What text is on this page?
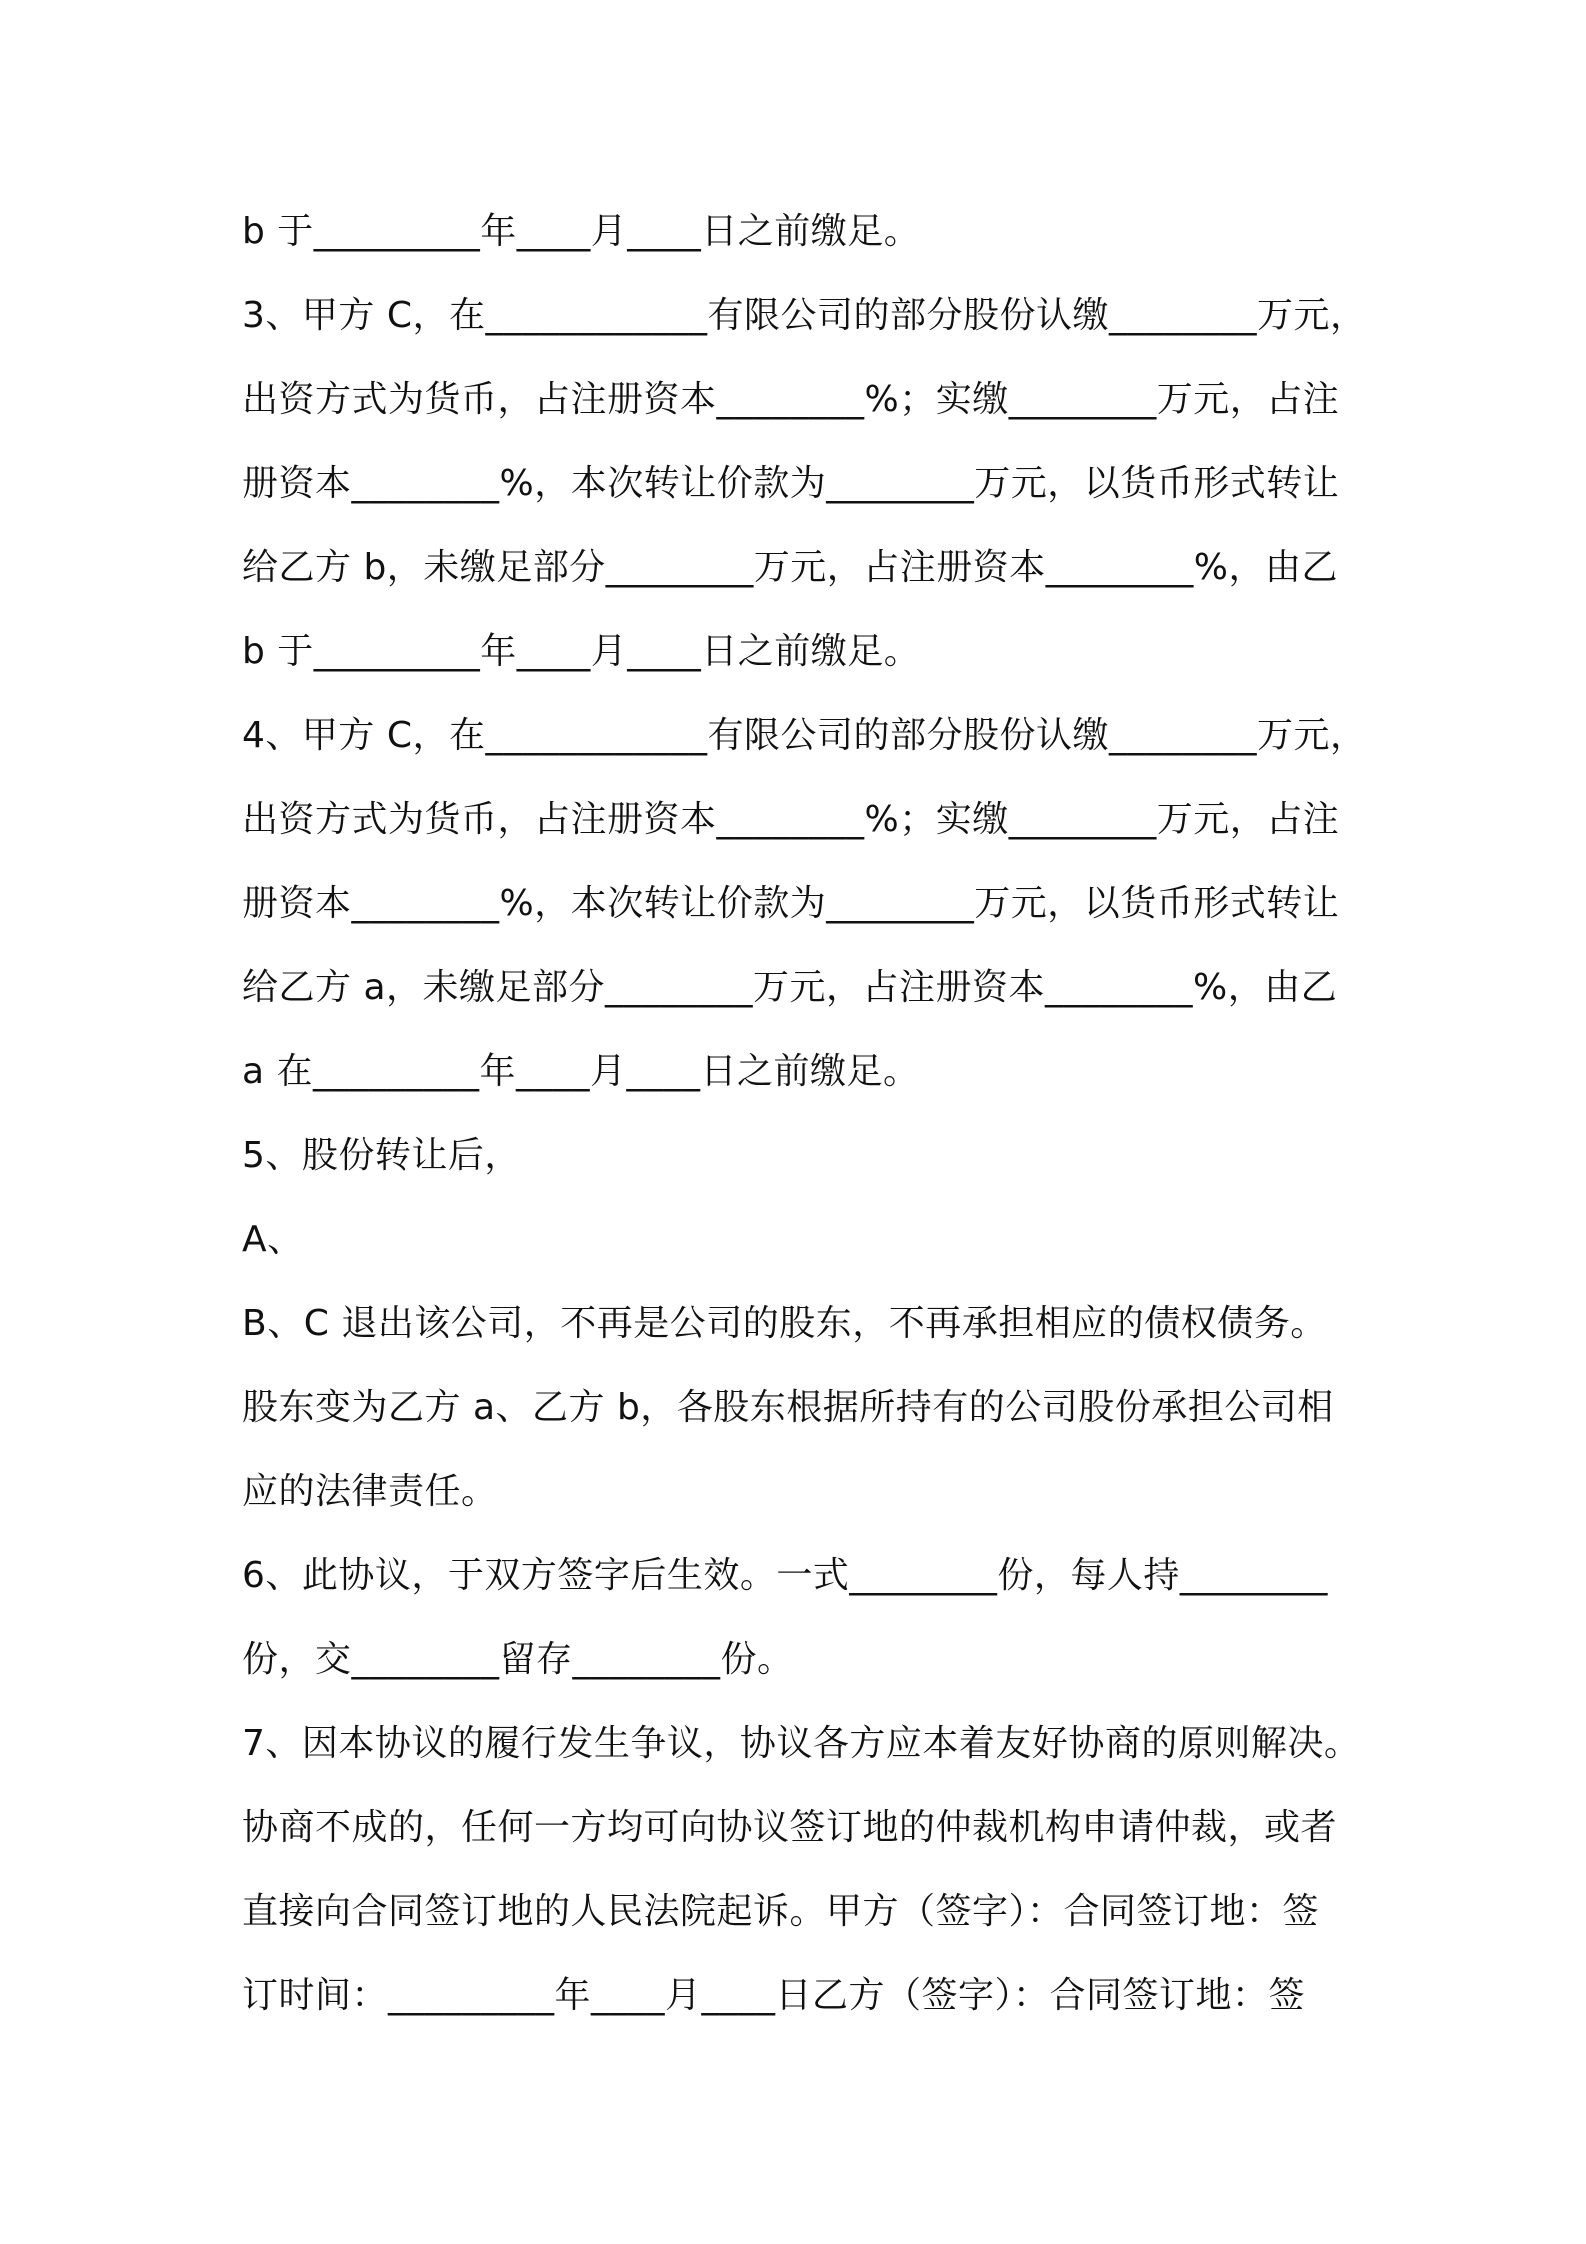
b 于_________年____月____日之前缴足。
3、甲方 C，在____________有限公司的部分股份认缴________万元，
出资方式为货币，占注册资本________%；实缴________万元，占注
册资本________%，本次转让价款为________万元，以货币形式转让
给乙方 b，未缴足部分________万元，占注册资本________%，由乙
b 于_________年____月____日之前缴足。
4、甲方 C，在____________有限公司的部分股份认缴________万元，
出资方式为货币，占注册资本________%；实缴________万元，占注
册资本________%，本次转让价款为________万元，以货币形式转让
给乙方 a，未缴足部分________万元，占注册资本________%，由乙
a 在_________年____月____日之前缴足。
5、股份转让后，
A、
B、C 退出该公司，不再是公司的股东，不再承担相应的债权债务。
股东变为乙方 a、乙方 b，各股东根据所持有的公司股份承担公司相
应的法律责任。
6、此协议，于双方签字后生效。一式________份，每人持________
份，交________留存________份。
7、因本协议的履行发生争议，协议各方应本着友好协商的原则解决。
协商不成的，任何一方均可向协议签订地的仲裁机构申请仲裁，或者
直接向合同签订地的人民法院起诉。甲方（签字）：合同签订地：签
订时间：_________年____月____日乙方（签字）：合同签订地：签
